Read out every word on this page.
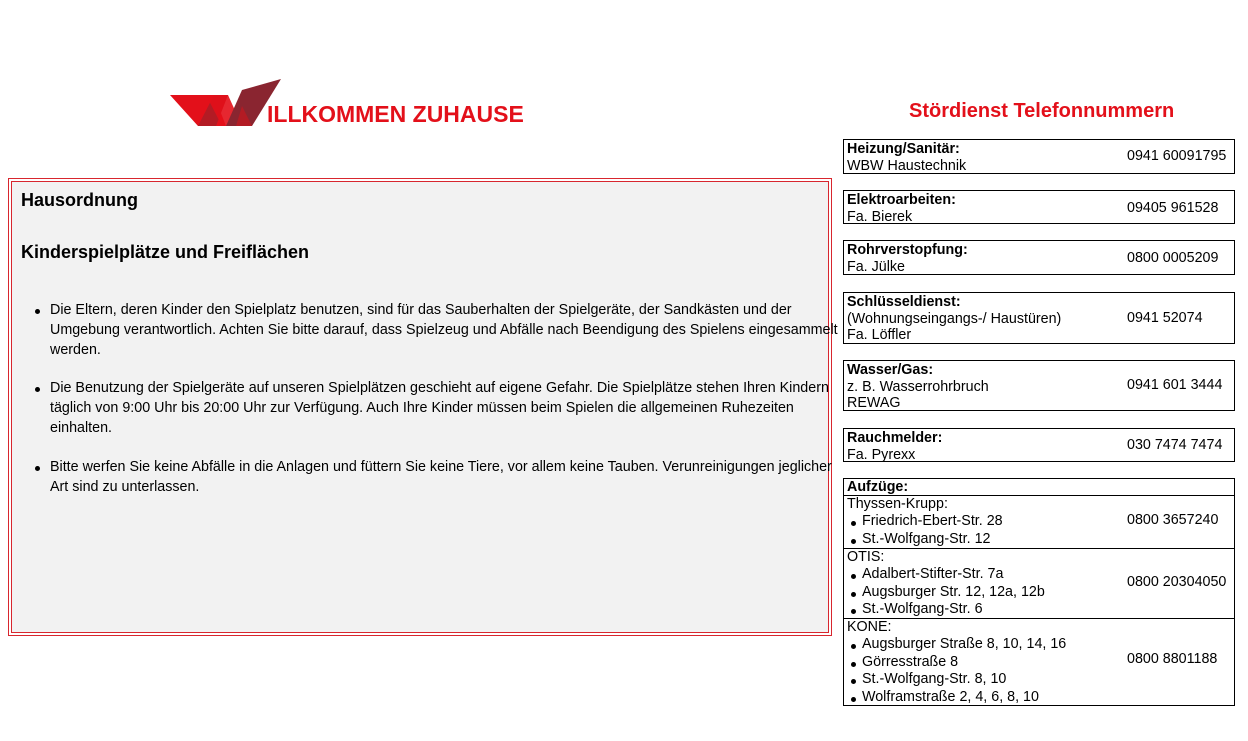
ILLKOMMEN ZUHAUSE
Hausordnung
Kinderspielplätze und Freiflächen
Die Eltern, deren Kinder den Spielplatz benutzen, sind für das Sauberhalten der Spielgeräte, der Sandkästen und der Umgebung verantwortlich. Achten Sie bitte darauf, dass Spielzeug und Abfälle nach Beendigung des Spielens eingesammelt werden.
Die Benutzung der Spielgeräte auf unseren Spielplätzen geschieht auf eigene Gefahr. Die Spielplätze stehen Ihren Kindern täglich von 9:00 Uhr bis 20:00 Uhr zur Verfügung. Auch Ihre Kinder müssen beim Spielen die allgemeinen Ruhezeiten einhalten.
Bitte werfen Sie keine Abfälle in die Anlagen und füttern Sie keine Tiere, vor allem keine Tauben. Verunreinigungen jeglicher Art sind zu unterlassen.
Stördienst Telefonnummern
Heizung/Sanitär:
WBW Haustechnik
0941 60091795
Elektroarbeiten:
Fa. Bierek
09405 961528
Rohrverstopfung:
Fa. Jülke
0800 0005209
Schlüsseldienst:
(Wohnungseingangs-/ Haustüren)
Fa. Löffler
0941 52074
Wasser/Gas:
z. B. Wasserrohrbruch
REWAG
0941 601 3444
Rauchmelder:
Fa. Pyrexx
030 7474 7474
Aufzüge:
Thyssen-Krupp:
Friedrich-Ebert-Str. 28
St.-Wolfgang-Str. 12
0800 3657240
OTIS:
Adalbert-Stifter-Str. 7a
Augsburger Str. 12, 12a, 12b
St.-Wolfgang-Str. 6
0800 20304050
KONE:
Augsburger Straße 8, 10, 14, 16
Görresstraße 8
St.-Wolfgang-Str. 8, 10
Wolframstraße 2, 4, 6, 8, 10
0800 8801188
